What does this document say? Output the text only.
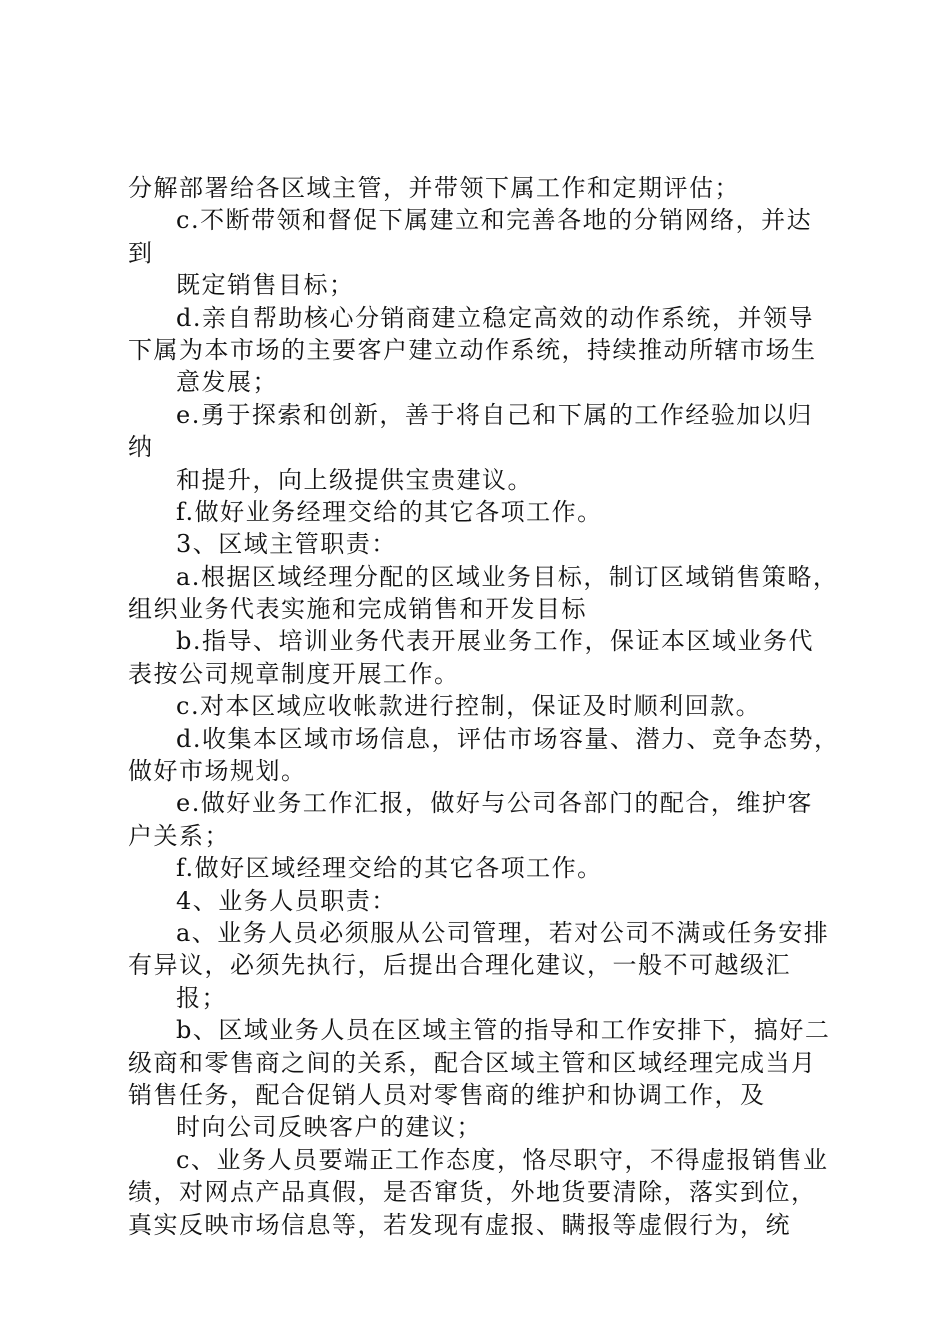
分解部署给各区域主管，并带领下属工作和定期评估；
c.不断带领和督促下属建立和完善各地的分销网络，并达
到
既定销售目标；
d.亲自帮助核心分销商建立稳定高效的动作系统，并领导
下属为本市场的主要客户建立动作系统，持续推动所辖市场生
意发展；
e.勇于探索和创新，善于将自己和下属的工作经验加以归
纳
和提升，向上级提供宝贵建议。
f.做好业务经理交给的其它各项工作。
3、区域主管职责：
a.根据区域经理分配的区域业务目标，制订区域销售策略，
组织业务代表实施和完成销售和开发目标
b.指导、培训业务代表开展业务工作，保证本区域业务代
表按公司规章制度开展工作。
c.对本区域应收帐款进行控制，保证及时顺利回款。
d.收集本区域市场信息，评估市场容量、潜力、竞争态势，
做好市场规划。
e.做好业务工作汇报，做好与公司各部门的配合，维护客
户关系；
f.做好区域经理交给的其它各项工作。
4、业务人员职责：
a、业务人员必须服从公司管理，若对公司不满或任务安排
有异议，必须先执行，后提出合理化建议，一般不可越级汇
报；
b、区域业务人员在区域主管的指导和工作安排下，搞好二
级商和零售商之间的关系，配合区域主管和区域经理完成当月
销售任务，配合促销人员对零售商的维护和协调工作，及
时向公司反映客户的建议；
c、业务人员要端正工作态度，恪尽职守，不得虚报销售业
绩，对网点产品真假，是否窜货，外地货要清除，落实到位，
真实反映市场信息等，若发现有虚报、瞒报等虚假行为，统
